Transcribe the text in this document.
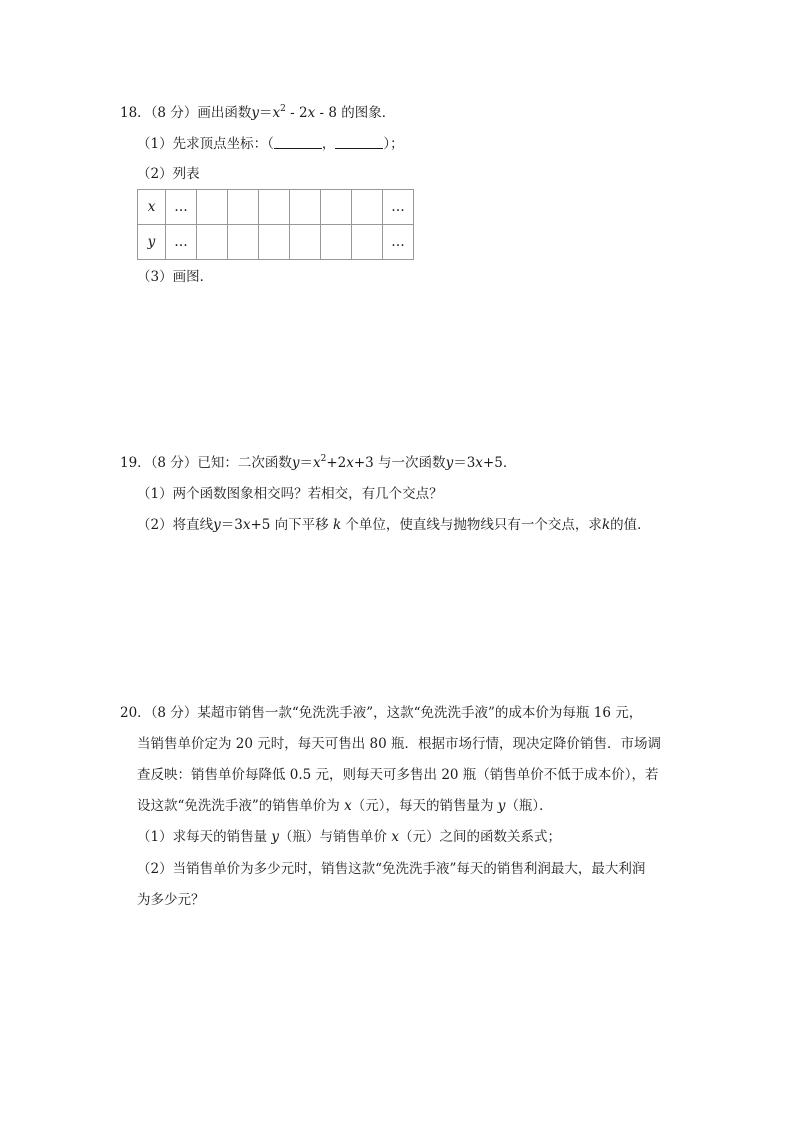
18．（8 分）画出函数$y=x^2 - 2x - 8$ 的图象．
（1）先求顶点坐标：（	，	）；
（2）列表
x	…							…
y	…							…
（3）画图．
19．（8 分）已知：二次函数$y=x^2+2x+3$ 与一次函数y＝3x+5．
（1）两个函数图象相交吗？若相交，有几个交点？
（2）将直线y＝3x+5 向下平移 k 个单位，使直线与抛物线只有一个交点，求k的值．
20．（8 分）某超市销售一款“免洗洗手液”，这款“免洗洗手液”的成本价为每瓶 16 元，
当销售单价定为 20 元时，每天可售出 80 瓶．根据市场行情，现决定降价销售．市场调
查反映：销售单价每降低 0.5 元，则每天可多售出 20 瓶（销售单价不低于成本价），若
设这款“免洗洗手液”的销售单价为 x（元），每天的销售量为 y（瓶）．
（1）求每天的销售量 y（瓶）与销售单价 x（元）之间的函数关系式；
（2）当销售单价为多少元时，销售这款“免洗洗手液”每天的销售利润最大，最大利润
为多少元？
